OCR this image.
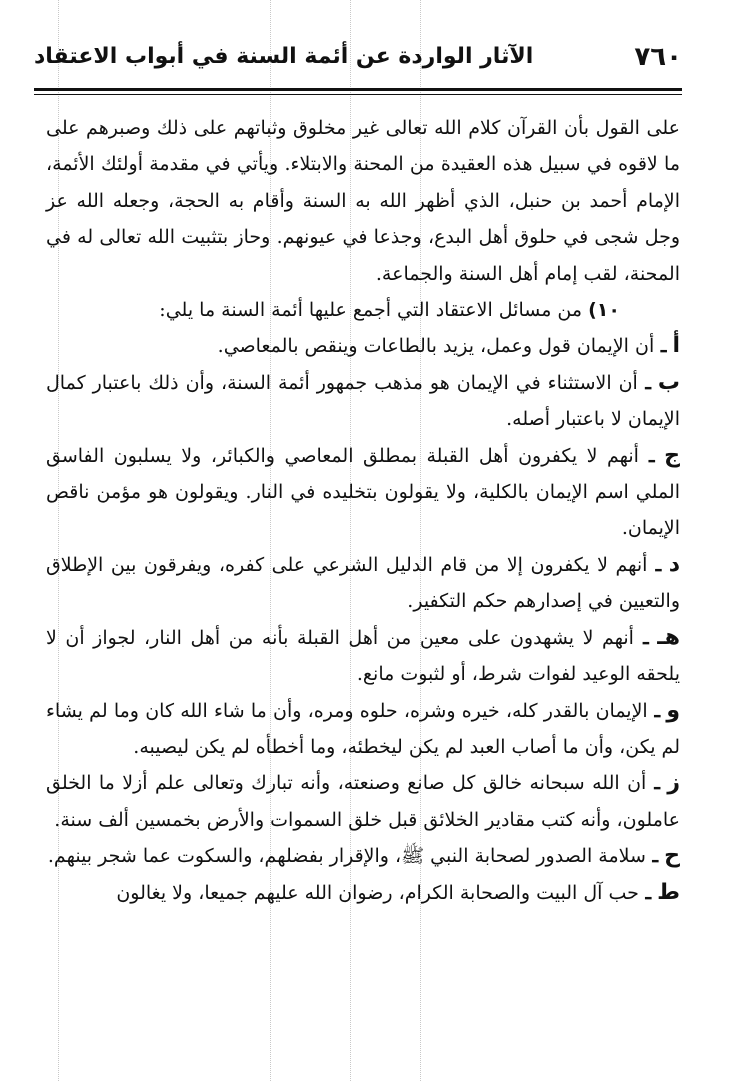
٧٦٠
الآثار الواردة عن أئمة السنة في أبواب الاعتقاد

على القول بأن القرآن كلام الله تعالى غير مخلوق وثباتهم على ذلك وصبرهم على ما لاقوه في سبيل هذه العقيدة من المحنة والابتلاء. ويأتي في مقدمة أولئك الأئمة، الإمام أحمد بن حنبل، الذي أظهر الله به السنة وأقام به الحجة، وجعله الله عز وجل شجى في حلوق أهل البدع، وجذعا في عيونهم. وحاز بتثبيت الله تعالى له في المحنة، لقب إمام أهل السنة والجماعة.

١٠) من مسائل الاعتقاد التي أجمع عليها أئمة السنة ما يلي:

أ ـ أن الإيمان قول وعمل، يزيد بالطاعات وينقص بالمعاصي.

ب ـ أن الاستثناء في الإيمان هو مذهب جمهور أئمة السنة، وأن ذلك باعتبار كمال الإيمان لا باعتبار أصله.

ج ـ أنهم لا يكفرون أهل القبلة بمطلق المعاصي والكبائر، ولا يسلبون الفاسق الملي اسم الإيمان بالكلية، ولا يقولون بتخليده في النار. ويقولون هو مؤمن ناقص الإيمان.

د ـ أنهم لا يكفرون إلا من قام الدليل الشرعي على كفره، ويفرقون بين الإطلاق والتعيين في إصدارهم حكم التكفير.

هـ ـ أنهم لا يشهدون على معين من أهل القبلة بأنه من أهل النار، لجواز أن لا يلحقه الوعيد لفوات شرط، أو لثبوت مانع.

و ـ الإيمان بالقدر كله، خيره وشره، حلوه ومره، وأن ما شاء الله كان وما لم يشاء لم يكن، وأن ما أصاب العبد لم يكن ليخطئه، وما أخطأه لم يكن ليصيبه.

ز ـ أن الله سبحانه خالق كل صانع وصنعته، وأنه تبارك وتعالى علم أزلا ما الخلق عاملون، وأنه كتب مقادير الخلائق قبل خلق السموات والأرض بخمسين ألف سنة.

ح ـ سلامة الصدور لصحابة النبي ﷺ، والإقرار بفضلهم، والسكوت عما شجر بينهم.

ط ـ حب آل البيت والصحابة الكرام، رضوان الله عليهم جميعا، ولا يغالون
